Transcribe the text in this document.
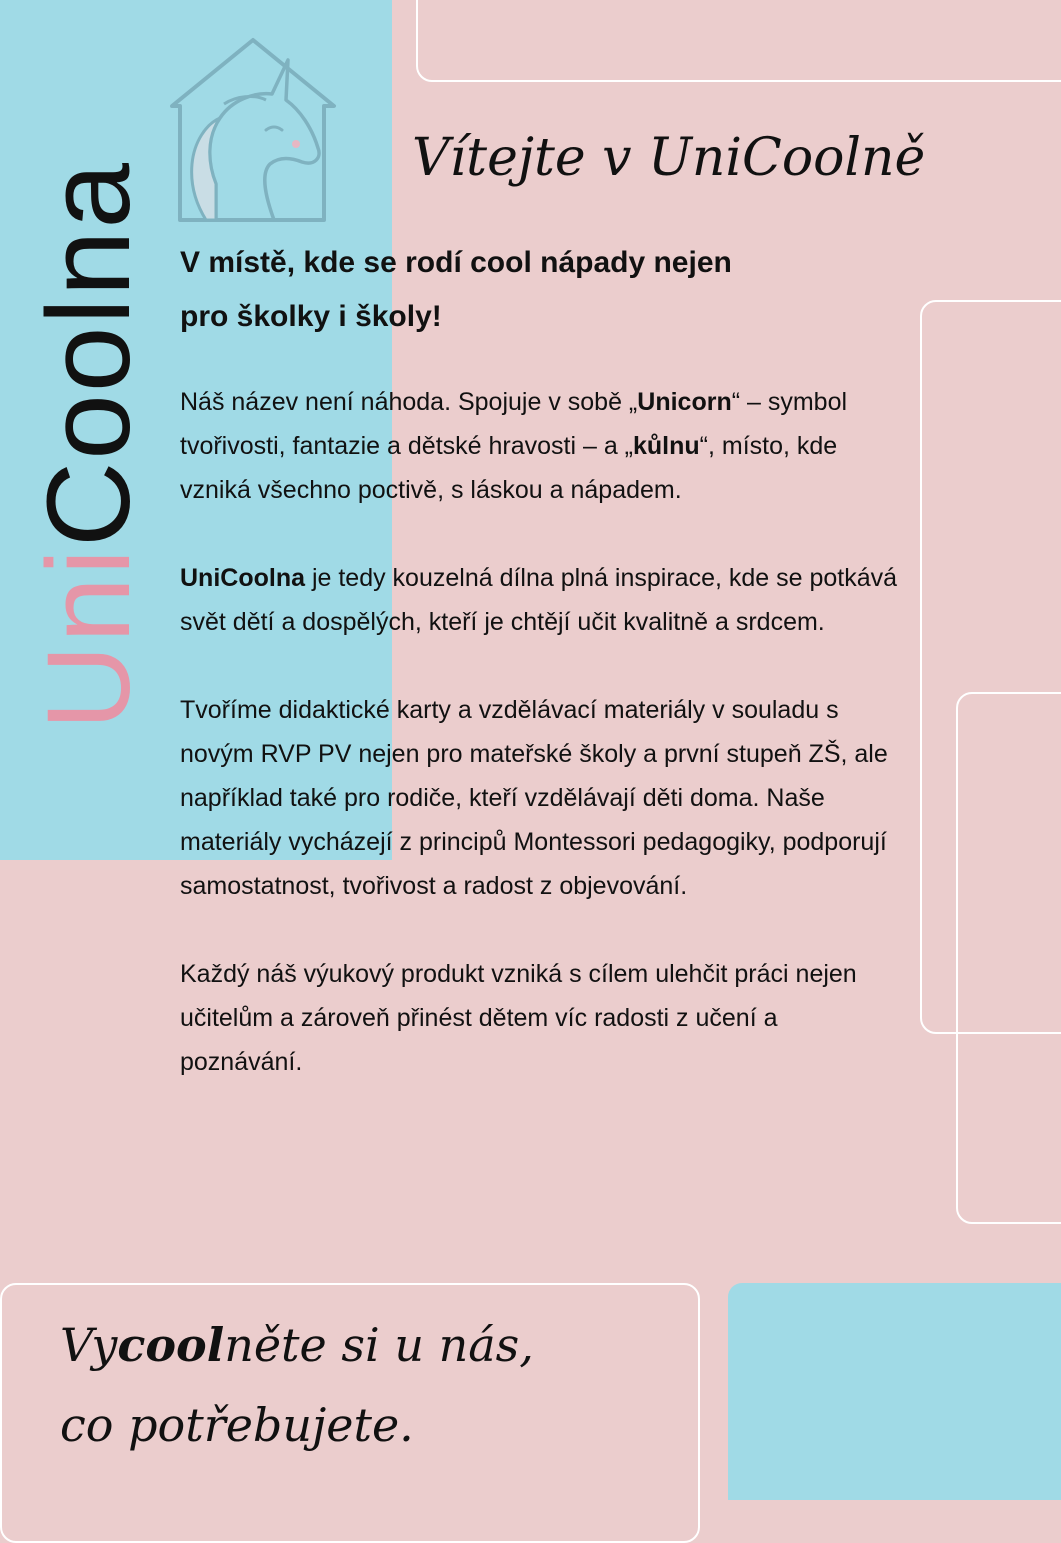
UniCoolna
Vítejte v UniCoolně
V místě, kde se rodí cool nápady nejen
pro školky i školy!

Náš název není náhoda. Spojuje v sobě „Unicorn“ – symbol tvořivosti, fantazie a dětské hravosti – a „kůlnu“, místo, kde vzniká všechno poctivě, s láskou a nápadem.

UniCoolna je tedy kouzelná dílna plná inspirace, kde se potkává svět dětí a dospělých, kteří je chtějí učit kvalitně a srdcem.

Tvoříme didaktické karty a vzdělávací materiály v souladu s novým RVP PV nejen pro mateřské školy a první stupeň ZŠ, ale například také pro rodiče, kteří vzdělávají děti doma. Naše materiály vycházejí z principů Montessori pedagogiky, podporují samostatnost, tvořivost a radost z objevování.

Každý náš výukový produkt vzniká s cílem ulehčit práci nejen učitelům a zároveň přinést dětem víc radosti z učení a poznávání.

Vycoolněte si u nás,
co potřebujete.
